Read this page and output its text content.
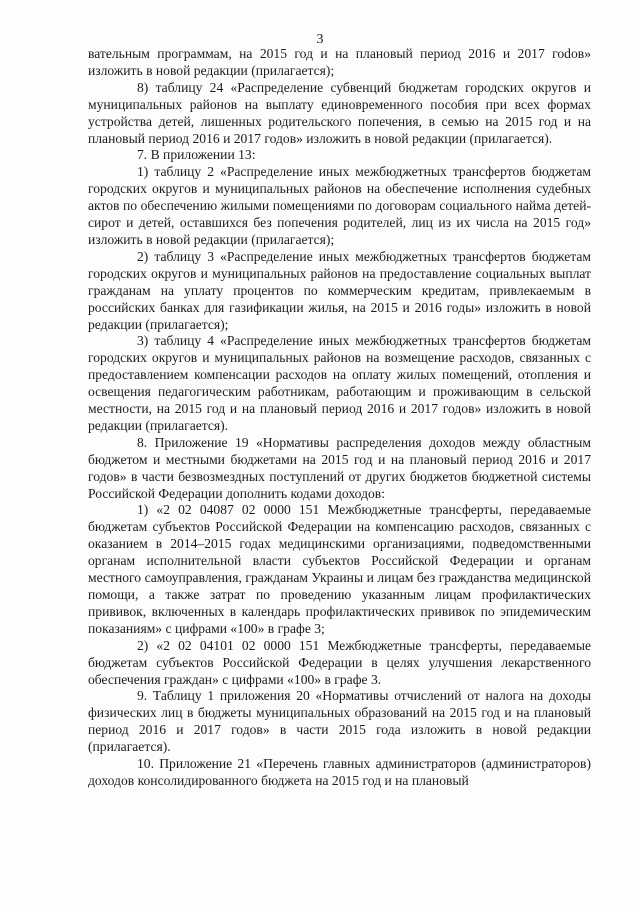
3

вательным программам, на 2015 год и на плановый период 2016 и 2017 гоdов» изложить в новой редакции (прилагается);

8) таблицу 24 «Распределение субвенций бюджетам городских округов и муниципальных районов на выплату единовременного пособия при всех формах устройства детей, лишенных родительского попечения, в семью на 2015 год и на плановый период 2016 и 2017 годов» изложить в новой редакции (прилагается).

7. В приложении 13:

1) таблицу 2 «Распределение иных межбюджетных трансфертов бюджетам городских округов и муниципальных районов на обеспечение исполнения судебных актов по обеспечению жилыми помещениями по договорам социального найма детей-сирот и детей, оставшихся без попечения родителей, лиц из их числа на 2015 год» изложить в новой редакции (прилагается);

2) таблицу 3 «Распределение иных межбюджетных трансфертов бюджетам городских округов и муниципальных районов на предоставление социальных выплат гражданам на уплату процентов по коммерческим кредитам, привлекаемым в российских банках для газификации жилья, на 2015 и 2016 годы» изложить в новой редакции (прилагается);

3) таблицу 4 «Распределение иных межбюджетных трансфертов бюджетам городских округов и муниципальных районов на возмещение расходов, связанных с предоставлением компенсации расходов на оплату жилых помещений, отопления и освещения педагогическим работникам, работающим и проживающим в сельской местности, на 2015 год и на плановый период 2016 и 2017 годов» изложить в новой редакции (прилагается).

8. Приложение 19 «Нормативы распределения доходов между областным бюджетом и местными бюджетами на 2015 год и на плановый период 2016 и 2017 годов» в части безвозмездных поступлений от других бюджетов бюджетной системы Российской Федерации дополнить кодами доходов:

1) «2 02 04087 02 0000 151 Межбюджетные трансферты, передаваемые бюджетам субъектов Российской Федерации на компенсацию расходов, связанных с оказанием в 2014–2015 годах медицинскими организациями, подведомственными органам исполнительной власти субъектов Российской Федерации и органам местного самоуправления, гражданам Украины и лицам без гражданства медицинской помощи, а также затрат по проведению указанным лицам профилактических прививок, включенных в календарь профилактических прививок по эпидемическим показаниям» с цифрами «100» в графе 3;

2) «2 02 04101 02 0000 151 Межбюджетные трансферты, передаваемые бюджетам субъектов Российской Федерации в целях улучшения лекарственного обеспечения граждан» с цифрами «100» в графе 3.

9. Таблицу 1 приложения 20 «Нормативы отчислений от налога на доходы физических лиц в бюджеты муниципальных образований на 2015 год и на плановый период 2016 и 2017 годов» в части 2015 года изложить в новой редакции (прилагается).

10. Приложение 21 «Перечень главных администраторов (администраторов) доходов консолидированного бюджета на 2015 год и на плановый
